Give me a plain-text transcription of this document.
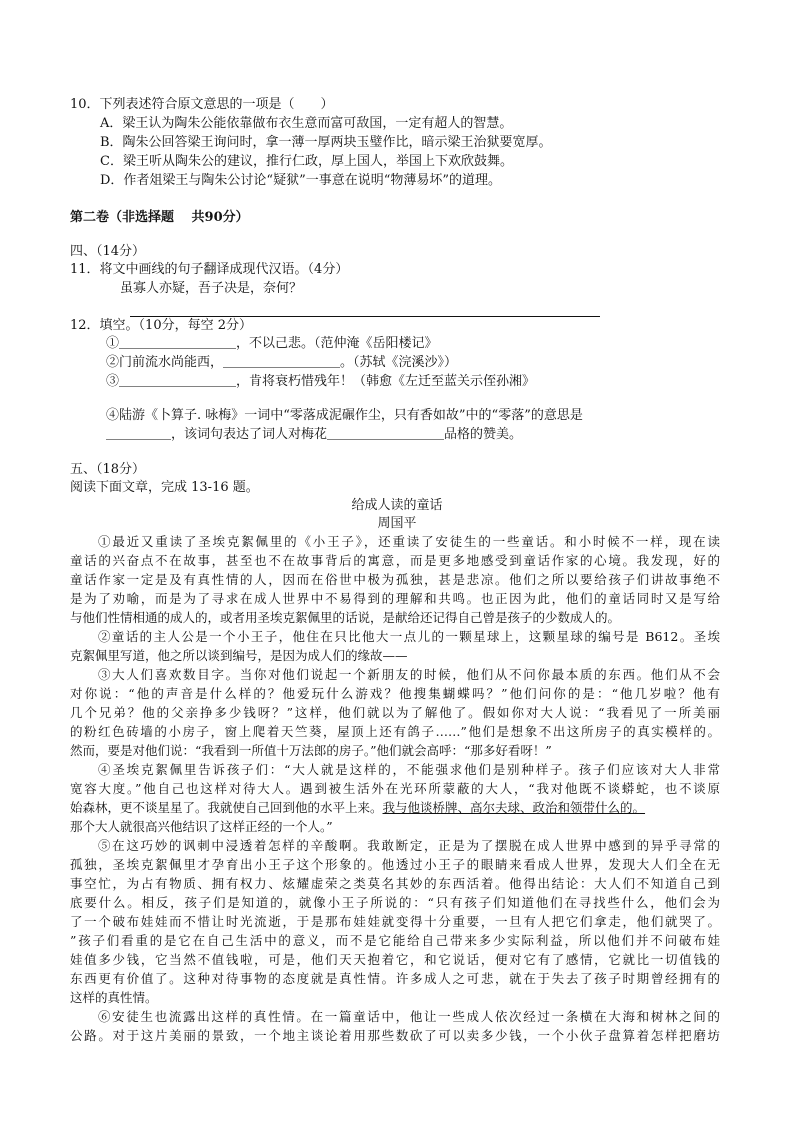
10．下列表述符合原文意思的一项是（　　）
A．梁王认为陶朱公能依靠做布衣生意而富可敌国，一定有超人的智慧。
B．陶朱公回答梁王询问时，拿一薄一厚两块玉璧作比，暗示梁王治狱要宽厚。
C．梁王听从陶朱公的建议，推行仁政，厚上国人，举国上下欢欣鼓舞。
D．作者俎梁王与陶朱公讨论“疑狱”一事意在说明“物薄易坏”的道理。
第二卷（非选择题　 共90分）
四、（14分）
11．将文中画线的句子翻译成现代汉语。（4分）
虽寡人亦疑，吾子决是，奈何？
12．填空。（10分，每空 2分）
①＿＿＿＿＿＿＿＿＿，不以己悲。（范仲淹《岳阳楼记》
②门前流水尚能西，＿＿＿＿＿＿＿＿＿。（苏轼《浣溪沙》）
③＿＿＿＿＿＿＿＿＿，肯将衰朽惜残年！（韩愈《左迁至蓝关示侄孙湘》
④陆游《卜算子. 咏梅》一词中“零落成泥碾作尘，只有香如故”中的“零落”的意思是
＿＿＿＿＿，该词句表达了词人对梅花＿＿＿＿＿＿＿＿＿品格的赞美。
五、（18分）
阅读下面文章，完成 13-16 题。
给成人读的童话
周国平
①最近又重读了圣埃克絮佩里的《小王子》，还重读了安徒生的一些童话。和小时候不一样，现在读
童话的兴奋点不在故事，甚至也不在故事背后的寓意，而是更多地感受到童话作家的心境。我发现，好的
童话作家一定是及有真性情的人，因而在俗世中极为孤独，甚是悲凉。他们之所以要给孩子们讲故事绝不
是为了劝喻，而是为了寻求在成人世界中不易得到的理解和共鸣。也正因为此，他们的童话同时又是写给
与他们性情相通的成人的，或者用圣埃克絮佩里的话说，是献给还记得自己曾是孩子的少数成人的。
②童话的主人公是一个小王子，他住在只比他大一点儿的一颗星球上，这颗星球的编号是 B612。圣埃
克絮佩里写道，他之所以谈到编号，是因为成人们的缘故——
③大人们喜欢数目字。当你对他们说起一个新朋友的时候，他们从不问你最本质的东西。他们从不会
对你说：“他的声音是什么样的？他爱玩什么游戏？他搜集蝴蝶吗？”他们问你的是：“他几岁啦？他有
几个兄弟？他的父亲挣多少钱呀？”这样，他们就以为了解他了。假如你对大人说：“我看见了一所美丽
的粉红色砖墙的小房子，窗上爬着天竺葵，屋顶上还有鸽子……”他们是想象不出这所房子的真实模样的。
然而，要是对他们说：“我看到一所值十万法郎的房子。”他们就会高呼：“那多好看呀！”
④圣埃克絮佩里告诉孩子们：“大人就是这样的，不能强求他们是别种样子。孩子们应该对大人非常
宽容大度。”他自己也这样对待大人。遇到被生活外在光环所蒙蔽的大人，“我对他既不谈蟒蛇，也不谈原
始森林，更不谈星星了。我就使自己回到他的水平上来。我与他谈桥牌、高尔夫球、政治和领带什么的。
那个大人就很高兴他结识了这样正经的一个人。”
⑤在这巧妙的讽刺中浸透着怎样的辛酸啊。我敢断定，正是为了摆脱在成人世界中感到的异乎寻常的
孤独，圣埃克絮佩里才孕育出小王子这个形象的。他透过小王子的眼睛来看成人世界，发现大人们全在无
事空忙，为占有物质、拥有权力、炫耀虚荣之类莫名其妙的东西活着。他得出结论：大人们不知道自己到
底要什么。相反，孩子们是知道的，就像小王子所说的：“只有孩子们知道他们在寻找些什么，他们会为
了一个破布娃娃而不惜让时光流逝，于是那布娃娃就变得十分重要，一旦有人把它们拿走，他们就哭了。
”孩子们看重的是它在自己生活中的意义，而不是它能给自己带来多少实际利益，所以他们并不问破布娃
娃值多少钱，它当然不值钱啦，可是，他们天天抱着它，和它说话，便对它有了感情，它就比一切值钱的
东西更有价值了。这种对待事物的态度就是真性情。许多成人之可悲，就在于失去了孩子时期曾经拥有的
这样的真性情。
⑥安徒生也流露出这样的真性情。在一篇童话中，他让一些成人依次经过一条横在大海和树林之间的
公路。对于这片美丽的景致，一个地主谈论着用那些数砍了可以卖多少钱，一个小伙子盘算着怎样把磨坊
